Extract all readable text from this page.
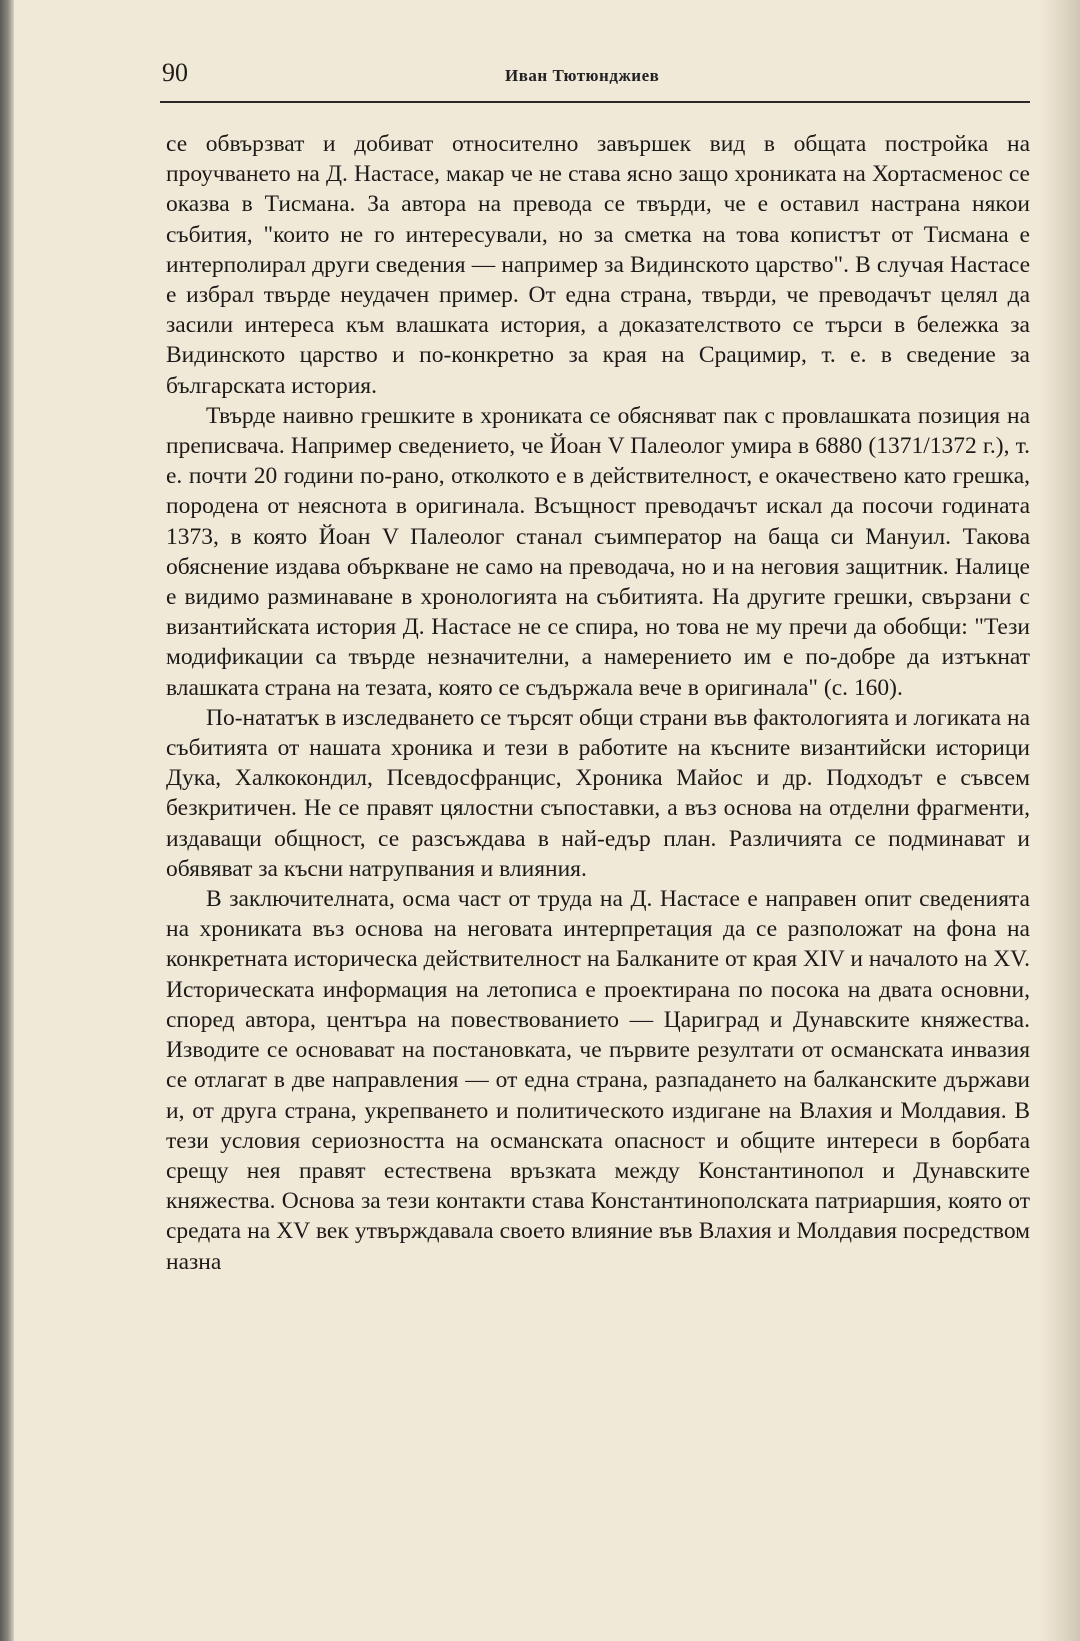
90	Иван Тютюнджиев

се обвързват и добиват относително завършек вид в общата постройка на проучването на Д. Настасе, макар че не става ясно защо хрониката на Хортасменос се оказва в Тисмана. За автора на превода се твърди, че е оставил настрана някои събития, "които не го интересували, но за сметка на това копистът от Тисмана е интерполирал други сведения — например за Видинското царство". В случая Настасе е избрал твърде неудачен пример. От една страна, твърди, че преводачът целял да засили интереса към влашката история, а доказателството се търси в бележка за Видинското царство и по-конкретно за края на Срацимир, т. е. в сведение за българската история.

Твърде наивно грешките в хрониката се обясняват пак с провлашката позиция на преписвача. Например сведението, че Йоан V Палеолог умира в 6880 (1371/1372 г.), т. е. почти 20 години по-рано, отколкото е в действителност, е окачествено като грешка, породена от неяснота в оригинала. Всъщност преводачът искал да посочи годината 1373, в която Йоан V Палеолог станал съимператор на баща си Мануил. Такова обяснение издава объркване не само на преводача, но и на неговия защитник. Налице е видимо разминаване в хронологията на събитията. На другите грешки, свързани с византийската история Д. Настасе не се спира, но това не му пречи да обобщи: "Тези модификации са твърде незначителни, а намерението им е по-добре да изтъкнат влашката страна на тезата, която се съдържала вече в оригинала" (с. 160).

По-нататък в изследването се търсят общи страни във фактологията и логиката на събитията от нашата хроника и тези в работите на късните византийски историци Дука, Халкокондил, Псевдосфранцис, Хроника Майос и др. Подходът е съвсем безкритичен. Не се правят цялостни съпоставки, а въз основа на отделни фрагменти, издаващи общност, се разсъждава в най-едър план. Различията се подминават и обявяват за късни натрупвания и влияния.

В заключителната, осма част от труда на Д. Настасе е направен опит сведенията на хрониката въз основа на неговата интерпретация да се разположат на фона на конкретната историческа действителност на Балканите от края XIV и началото на XV. Историческата информация на летописа е проектирана по посока на двата основни, според автора, центъра на повествованието — Цариград и Дунавските княжества. Изводите се основават на постановката, че първите резултати от османската инвазия се отлагат в две направления — от една страна, разпадането на балканските държави и, от друга страна, укрепването и политическото издигане на Влахия и Молдавия. В тези условия сериозността на османската опасност и общите интереси в борбата срещу нея правят естествена връзката между Константинопол и Дунавските княжества. Основа за тези контакти става Константинополската патриаршия, която от средата на XV век утвърждавала своето влияние във Влахия и Молдавия посредством назна
